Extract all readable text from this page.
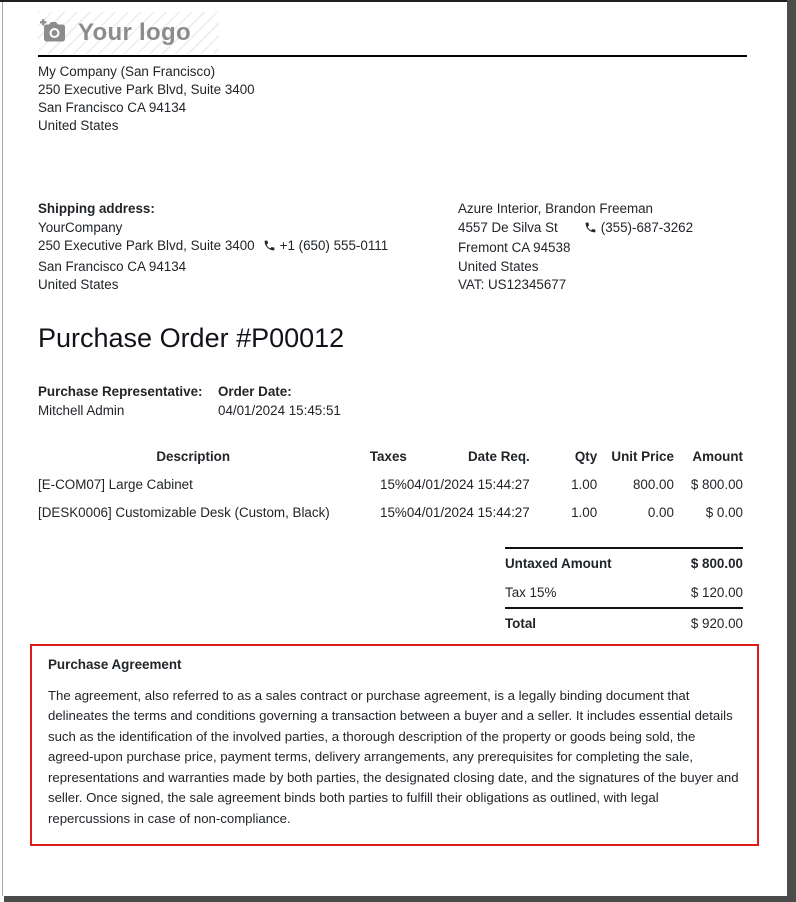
Your logo
My Company (San Francisco)
250 Executive Park Blvd, Suite 3400
San Francisco CA 94134
United States
Shipping address:
YourCompany
250 Executive Park Blvd, Suite 3400 +1 (650) 555-0111
San Francisco CA 94134
United States
Azure Interior, Brandon Freeman
4557 De Silva St	(355)-687-3262
Fremont CA 94538
United States
VAT: US12345677
Purchase Order #P00012
Purchase Representative:
Mitchell Admin
Order Date:
04/01/2024 15:45:51
Description	Taxes	Date Req.	Qty	Unit Price	Amount
[E-COM07] Large Cabinet	15%	04/01/2024 15:44:27	1.00	800.00	$ 800.00
[DESK0006] Customizable Desk (Custom, Black)	15%	04/01/2024 15:44:27	1.00	0.00	$ 0.00
Untaxed Amount	$ 800.00
Tax 15%	$ 120.00
Total	$ 920.00
Purchase Agreement
The agreement, also referred to as a sales contract or purchase agreement, is a legally binding document that delineates the terms and conditions governing a transaction between a buyer and a seller. It includes essential details such as the identification of the involved parties, a thorough description of the property or goods being sold, the agreed-upon purchase price, payment terms, delivery arrangements, any prerequisites for completing the sale, representations and warranties made by both parties, the designated closing date, and the signatures of the buyer and seller. Once signed, the sale agreement binds both parties to fulfill their obligations as outlined, with legal repercussions in case of non-compliance.
